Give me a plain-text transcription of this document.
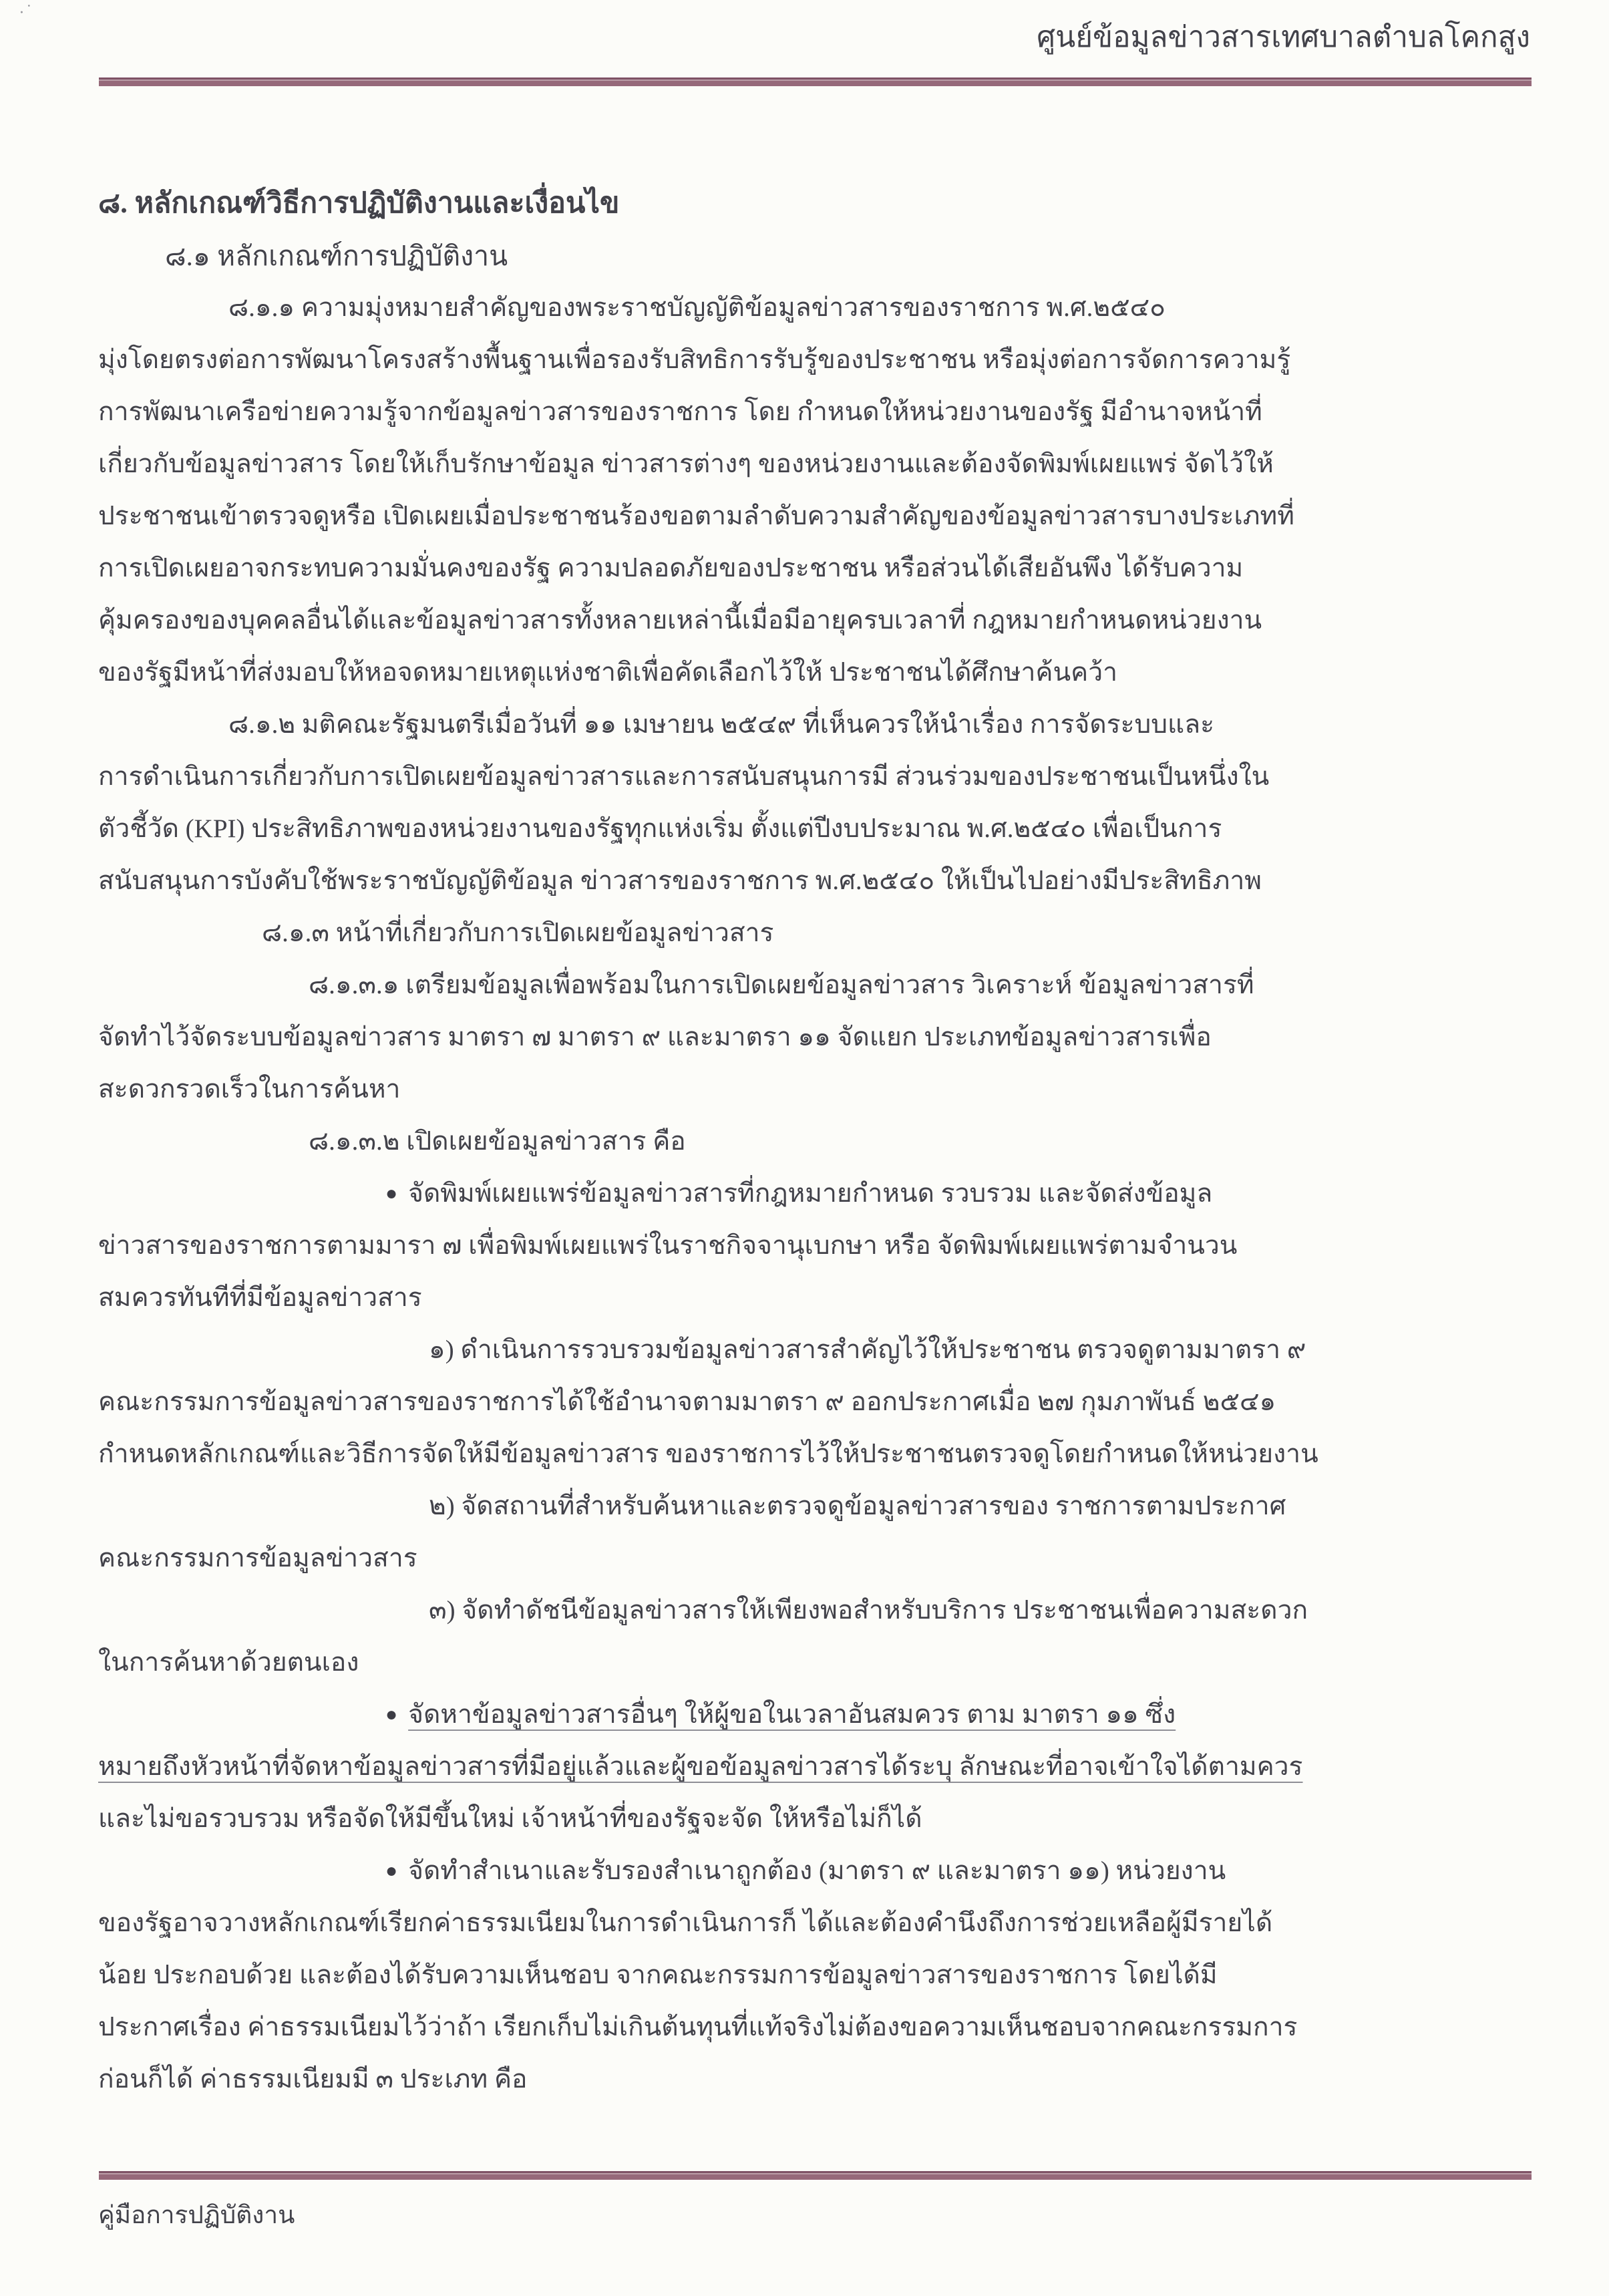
·˙
ศูนย์ข้อมูลข่าวสารเทศบาลตำบลโคกสูง
๘. หลักเกณฑ์วิธีการปฏิบัติงานและเงื่อนไข
๘.๑ หลักเกณฑ์การปฏิบัติงาน
๘.๑.๑ ความมุ่งหมายสำคัญของพระราชบัญญัติข้อมูลข่าวสารของราชการ พ.ศ.๒๕๔๐
มุ่งโดยตรงต่อการพัฒนาโครงสร้างพื้นฐานเพื่อรองรับสิทธิการรับรู้ของประชาชน หรือมุ่งต่อการจัดการความรู้
การพัฒนาเครือข่ายความรู้จากข้อมูลข่าวสารของราชการ โดย กำหนดให้หน่วยงานของรัฐ มีอำนาจหน้าที่
เกี่ยวกับข้อมูลข่าวสาร โดยให้เก็บรักษาข้อมูล ข่าวสารต่างๆ ของหน่วยงานและต้องจัดพิมพ์เผยแพร่ จัดไว้ให้
ประชาชนเข้าตรวจดูหรือ เปิดเผยเมื่อประชาชนร้องขอตามลำดับความสำคัญของข้อมูลข่าวสารบางประเภทที่
การเปิดเผยอาจกระทบความมั่นคงของรัฐ ความปลอดภัยของประชาชน หรือส่วนได้เสียอันพึง ได้รับความ
คุ้มครองของบุคคลอื่นได้และข้อมูลข่าวสารทั้งหลายเหล่านี้เมื่อมีอายุครบเวลาที่ กฎหมายกำหนดหน่วยงาน
ของรัฐมีหน้าที่ส่งมอบให้หอจดหมายเหตุแห่งชาติเพื่อคัดเลือกไว้ให้ ประชาชนได้ศึกษาค้นคว้า
๘.๑.๒ มติคณะรัฐมนตรีเมื่อวันที่ ๑๑ เมษายน ๒๕๔๙ ที่เห็นควรให้นำเรื่อง การจัดระบบและ
การดำเนินการเกี่ยวกับการเปิดเผยข้อมูลข่าวสารและการสนับสนุนการมี ส่วนร่วมของประชาชนเป็นหนึ่งใน
ตัวชี้วัด (KPI) ประสิทธิภาพของหน่วยงานของรัฐทุกแห่งเริ่ม ตั้งแต่ปีงบประมาณ พ.ศ.๒๕๔๐ เพื่อเป็นการ
สนับสนุนการบังคับใช้พระราชบัญญัติข้อมูล ข่าวสารของราชการ พ.ศ.๒๕๔๐ ให้เป็นไปอย่างมีประสิทธิภาพ
๘.๑.๓ หน้าที่เกี่ยวกับการเปิดเผยข้อมูลข่าวสาร
๘.๑.๓.๑ เตรียมข้อมูลเพื่อพร้อมในการเปิดเผยข้อมูลข่าวสาร วิเคราะห์ ข้อมูลข่าวสารที่
จัดทำไว้จัดระบบข้อมูลข่าวสาร มาตรา ๗ มาตรา ๙ และมาตรา ๑๑ จัดแยก ประเภทข้อมูลข่าวสารเพื่อ
สะดวกรวดเร็วในการค้นหา
๘.๑.๓.๒ เปิดเผยข้อมูลข่าวสาร คือ
● จัดพิมพ์เผยแพร่ข้อมูลข่าวสารที่กฎหมายกำหนด รวบรวม และจัดส่งข้อมูล
ข่าวสารของราชการตามมารา ๗ เพื่อพิมพ์เผยแพร่ในราชกิจจานุเบกษา หรือ จัดพิมพ์เผยแพร่ตามจำนวน
สมควรทันทีที่มีข้อมูลข่าวสาร
๑) ดำเนินการรวบรวมข้อมูลข่าวสารสำคัญไว้ให้ประชาชน ตรวจดูตามมาตรา ๙
คณะกรรมการข้อมูลข่าวสารของราชการได้ใช้อำนาจตามมาตรา ๙ ออกประกาศเมื่อ ๒๗ กุมภาพันธ์ ๒๕๔๑
กำหนดหลักเกณฑ์และวิธีการจัดให้มีข้อมูลข่าวสาร ของราชการไว้ให้ประชาชนตรวจดูโดยกำหนดให้หน่วยงาน
๒) จัดสถานที่สำหรับค้นหาและตรวจดูข้อมูลข่าวสารของ ราชการตามประกาศ
คณะกรรมการข้อมูลข่าวสาร
๓) จัดทำดัชนีข้อมูลข่าวสารให้เพียงพอสำหรับบริการ ประชาชนเพื่อความสะดวก
ในการค้นหาด้วยตนเอง
● จัดหาข้อมูลข่าวสารอื่นๆ ให้ผู้ขอในเวลาอันสมควร ตาม มาตรา ๑๑ ซึ่ง
หมายถึงหัวหน้าที่จัดหาข้อมูลข่าวสารที่มีอยู่แล้วและผู้ขอข้อมูลข่าวสารได้ระบุ ลักษณะที่อาจเข้าใจได้ตามควร
และไม่ขอรวบรวม หรือจัดให้มีขึ้นใหม่ เจ้าหน้าที่ของรัฐจะจัด ให้หรือไม่ก็ได้
● จัดทำสำเนาและรับรองสำเนาถูกต้อง (มาตรา ๙ และมาตรา ๑๑) หน่วยงาน
ของรัฐอาจวางหลักเกณฑ์เรียกค่าธรรมเนียมในการดำเนินการก็ ได้และต้องคำนึงถึงการช่วยเหลือผู้มีรายได้
น้อย ประกอบด้วย และต้องได้รับความเห็นชอบ จากคณะกรรมการข้อมูลข่าวสารของราชการ โดยได้มี
ประกาศเรื่อง ค่าธรรมเนียมไว้ว่าถ้า เรียกเก็บไม่เกินต้นทุนที่แท้จริงไม่ต้องขอความเห็นชอบจากคณะกรรมการ
ก่อนก็ได้ ค่าธรรมเนียมมี ๓ ประเภท คือ
คู่มือการปฏิบัติงาน
